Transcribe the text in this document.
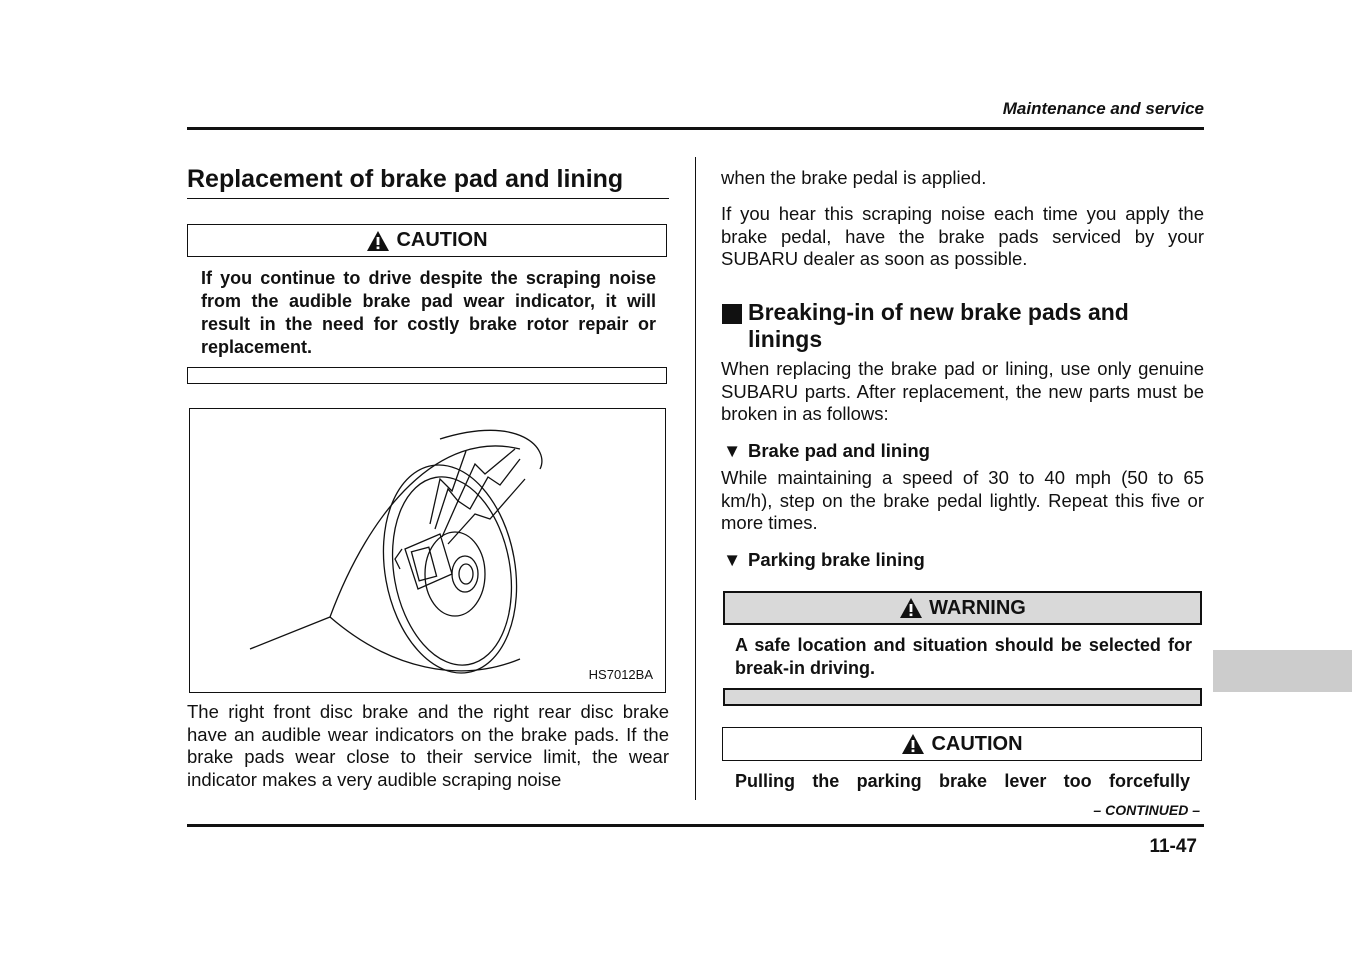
Maintenance and service
Replacement of brake pad and lining
CAUTION
If you continue to drive despite the scraping noise from the audible brake pad wear indicator, it will result in the need for costly brake rotor repair or replacement.
HS7012BA
The right front disc brake and the right rear disc brake have an audible wear indicators on the brake pads. If the brake pads wear close to their service limit, the wear indicator makes a very audible scraping noise
when the brake pedal is applied.
If you hear this scraping noise each time you apply the brake pedal, have the brake pads serviced by your SUBARU dealer as soon as possible.
Breaking-in of new brake pads and linings
When replacing the brake pad or lining, use only genuine SUBARU parts. After replacement, the new parts must be broken in as follows:
▼ Brake pad and lining
While maintaining a speed of 30 to 40 mph (50 to 65 km/h), step on the brake pedal lightly. Repeat this five or more times.
▼ Parking brake lining
WARNING
A safe location and situation should be selected for break-in driving.
CAUTION
Pulling the parking brake lever too forcefully
– CONTINUED –
11-47
